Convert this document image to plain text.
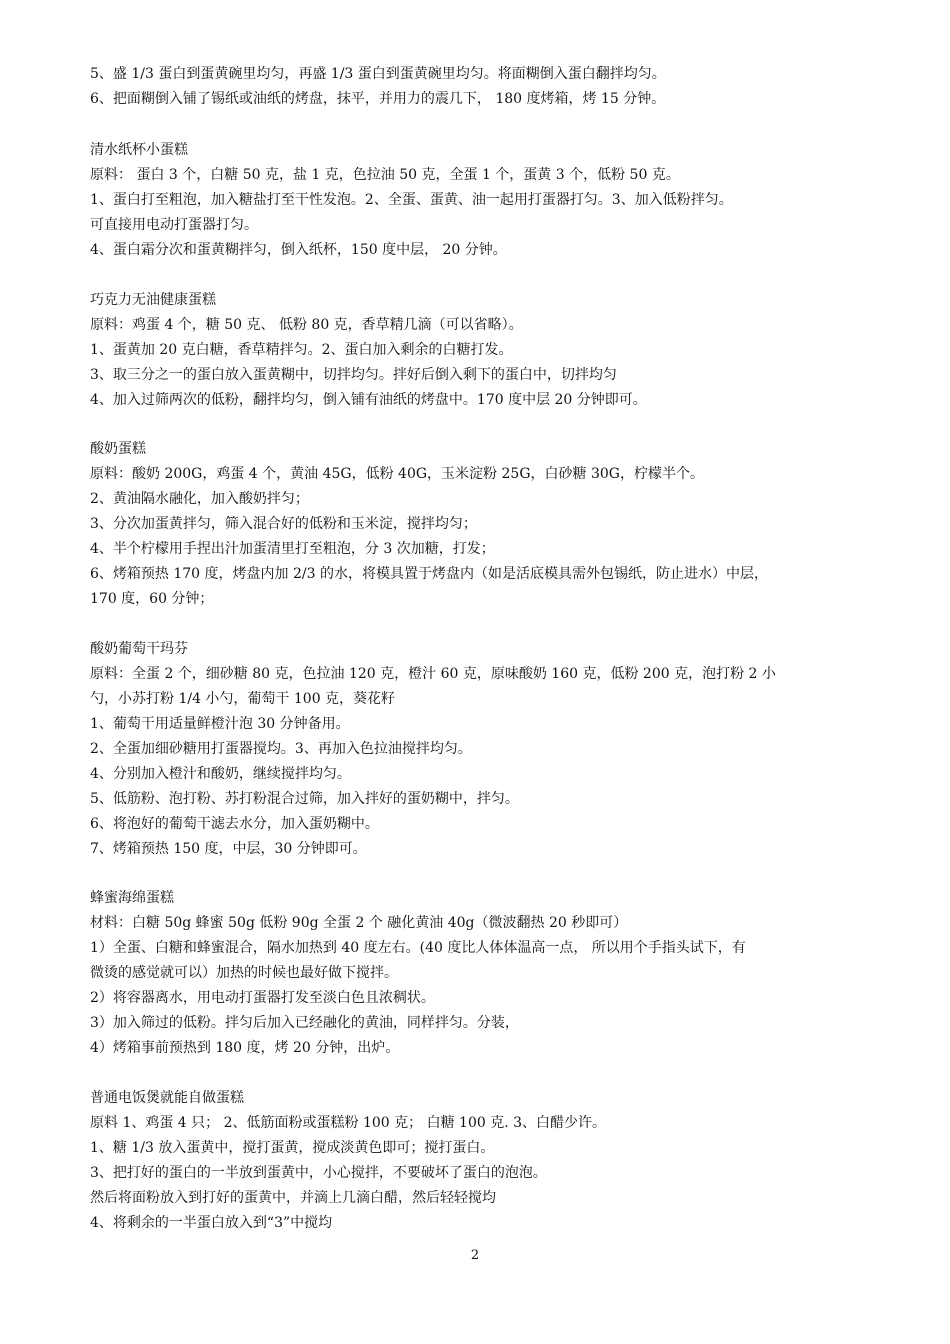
5、盛 1/3 蛋白到蛋黄碗里均匀，再盛 1/3 蛋白到蛋黄碗里均匀。将面糊倒入蛋白翻拌均匀。

6、把面糊倒入铺了锡纸或油纸的烤盘，抹平，并用力的震几下， 180 度烤箱，烤 15 分钟。

清水纸杯小蛋糕

原料： 蛋白 3 个，白糖 50 克，盐 1 克，色拉油 50 克，全蛋 1 个，蛋黄 3 个，低粉 50 克。

1、蛋白打至粗泡，加入糖盐打至干性发泡。2、全蛋、蛋黄、油一起用打蛋器打匀。3、加入低粉拌匀。

可直接用电动打蛋器打匀。

4、蛋白霜分次和蛋黄糊拌匀，倒入纸杯，150 度中层， 20 分钟。

巧克力无油健康蛋糕

原料：鸡蛋 4 个，糖 50 克、 低粉 80 克，香草精几滴（可以省略）。

1、蛋黄加 20 克白糖，香草精拌匀。2、蛋白加入剩余的白糖打发。

3、取三分之一的蛋白放入蛋黄糊中，切拌均匀。拌好后倒入剩下的蛋白中，切拌均匀

4、加入过筛两次的低粉，翻拌均匀，倒入铺有油纸的烤盘中。170 度中层 20 分钟即可。

酸奶蛋糕

原料：酸奶 200G，鸡蛋 4 个，黄油 45G，低粉 40G，玉米淀粉 25G，白砂糖 30G，柠檬半个。

2、黄油隔水融化，加入酸奶拌匀；

3、分次加蛋黄拌匀，筛入混合好的低粉和玉米淀，搅拌均匀；

4、半个柠檬用手捏出汁加蛋清里打至粗泡，分 3 次加糖，打发；

6、烤箱预热 170 度，烤盘内加 2/3 的水，将模具置于烤盘内（如是活底模具需外包锡纸，防止进水）中层，

170 度，60 分钟；

酸奶葡萄干玛芬

原料：全蛋 2 个，细砂糖 80 克，色拉油 120 克，橙汁 60 克，原味酸奶 160 克，低粉 200 克，泡打粉 2 小

勺，小苏打粉 1/4 小勺，葡萄干 100 克，葵花籽

1、葡萄干用适量鲜橙汁泡 30 分钟备用。

2、全蛋加细砂糖用打蛋器搅均。3、再加入色拉油搅拌均匀。

4、分别加入橙汁和酸奶，继续搅拌均匀。

5、低筋粉、泡打粉、苏打粉混合过筛，加入拌好的蛋奶糊中，拌匀。

6、将泡好的葡萄干滤去水分，加入蛋奶糊中。

7、烤箱预热 150 度，中层，30 分钟即可。

蜂蜜海绵蛋糕

材料：白糖 50g 蜂蜜 50g 低粉 90g 全蛋 2 个 融化黄油 40g（微波翻热 20 秒即可）

1）全蛋、白糖和蜂蜜混合，隔水加热到 40 度左右。(40 度比人体体温高一点， 所以用个手指头试下，有

微烫的感觉就可以）加热的时候也最好做下搅拌。

2）将容器离水，用电动打蛋器打发至淡白色且浓稠状。

3）加入筛过的低粉。拌匀后加入已经融化的黄油，同样拌匀。分装，

4）烤箱事前预热到 180 度，烤 20 分钟，出炉。

普通电饭煲就能自做蛋糕

原料 1、鸡蛋 4 只； 2、低筋面粉或蛋糕粉 100 克； 白糖 100 克. 3、白醋少许。

1、糖 1/3 放入蛋黄中，搅打蛋黄，搅成淡黄色即可；搅打蛋白。

3、把打好的蛋白的一半放到蛋黄中，小心搅拌，不要破坏了蛋白的泡泡。

然后将面粉放入到打好的蛋黄中，并滴上几滴白醋，然后轻轻搅均

4、将剩余的一半蛋白放入到“3”中搅均

2
